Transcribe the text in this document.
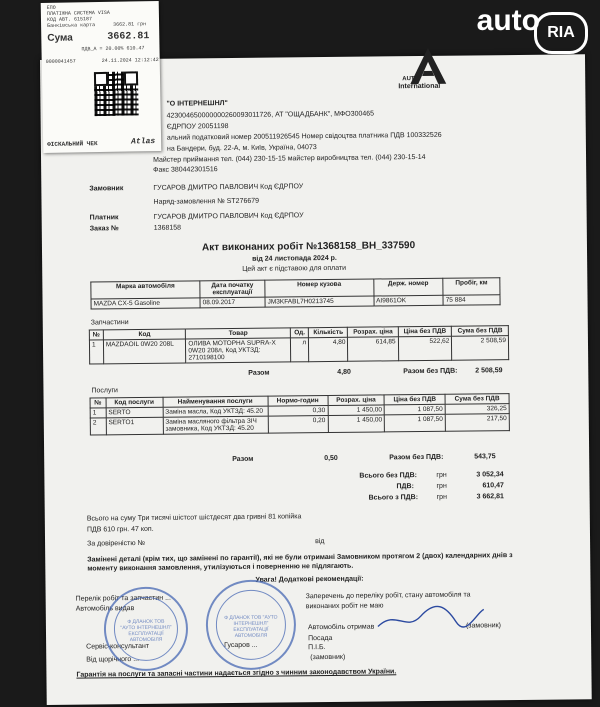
AUTO
International
"О ІНТЕРНЕШНЛ"
423004650000000260093011726, АТ "ОЩАДБАНК", МФО300465
ЄДРПОУ 20051198
альний податковий номер 200511926545 Номер свідоцтва платника ПДВ 100332526
на Бандери, буд. 22-А, м. Київ, Україна, 04073
Майстер приймання тел. (044) 230-15-15 майстер виробництва тел. (044) 230-15-14
Факс 380442301516
Замовник	ГУСАРОВ ДМИТРО ПАВЛОВИЧ Код ЄДРПОУ
Наряд-замовлення № ST276679
Платник	ГУСАРОВ ДМИТРО ПАВЛОВИЧ Код ЄДРПОУ
Заказ №	1368158
Акт виконаних робіт №1368158_ВН_337590
від 24 листопада 2024 р.
Цей акт є підставою для оплати
Марка автомобіля	Дата початку експлуатації	Номер кузова	Держ. номер	Пробіг, км
MAZDA CX-5 Gasoline	08.09.2017	JM3KFABL7H0213745	AI9861OK	75 884
Запчастини
№	Код	Товар	Од.	Кількість	Розрах. ціна	Ціна без ПДВ	Сума без ПДВ
1	MAZDAOIL 0W20 208L	ОЛИВА МОТОРНА SUPRA-X 0W20 208л, Код УКТЗД: 2710198100	л	4,80	614,85	522,62	2 508,59
Разом	4,80	Разом без ПДВ:	2 508,59
Послуги
№	Код послуги	Найменування послуги	Нормо-годин	Розрах. ціна	Ціна без ПДВ	Сума без ПДВ
1	SERTO	Заміна масла, Код УКТЗД: 45.20	0,30	1 450,00	1 087,50	326,25
2	SERTO1	Заміна масляного фільтра ЗІЧ замовника, Код УКТЗД: 45.20	0,20	1 450,00	1 087,50	217,50
Разом	0,50	Разом без ПДВ:	543,75
Всього без ПДВ:	грн	3 052,34
ПДВ:	грн	610,47
Всього з ПДВ:	грн	3 662,81
Всього на суму Три тисячі шістсот шістдесят два гривні 81 копійка
ПДВ 610 грн. 47 коп.
За довіреністю №	від
Замінені деталі (крім тих, що замінені по гарантії), які не були отримані Замовником протягом 2 (двох) календарних днів з моменту виконання замовлення, утилізуються і поверненню не підлягають.
Увага! Додаткові рекомендації:
Перелік робіт та запчастин ...
Автомобіль видав
Заперечень до переліку робіт, стану автомобіля та
виконаних робіт не маю
Автомобіль отримав	(замовник)
Посада
П.І.Б.
Сервіс-консультант	Гусаров ...
Від щорічного ...	(замовник)
Гарантія на послуги та запасні частини надається згідно з чинним законодавством України.
Ф ДЛАНОК ТОВ "АУТО ІНТЕРНЕШНЛ" ЕКСПЛУАТАЦІЇ АВТОМОБІЛЯ
Ф ДЛАНОК ТОВ "АУТО ІНТЕРНЕШНЛ" ЕКСПЛУАТАЦІЇ АВТОМОБІЛЯ
ЕПО
ПЛАТІЖНА СИСТЕМА VISA
КОД АВТ. 615187
Банківська карта	3662.81 грн
Сума	3662.81
ПДВ_А = 20.00% 610.47
0000041457	24.11.2024 12:12:42
ФІСКАЛЬНИЙ ЧЕК	Atlas
auto RIA
